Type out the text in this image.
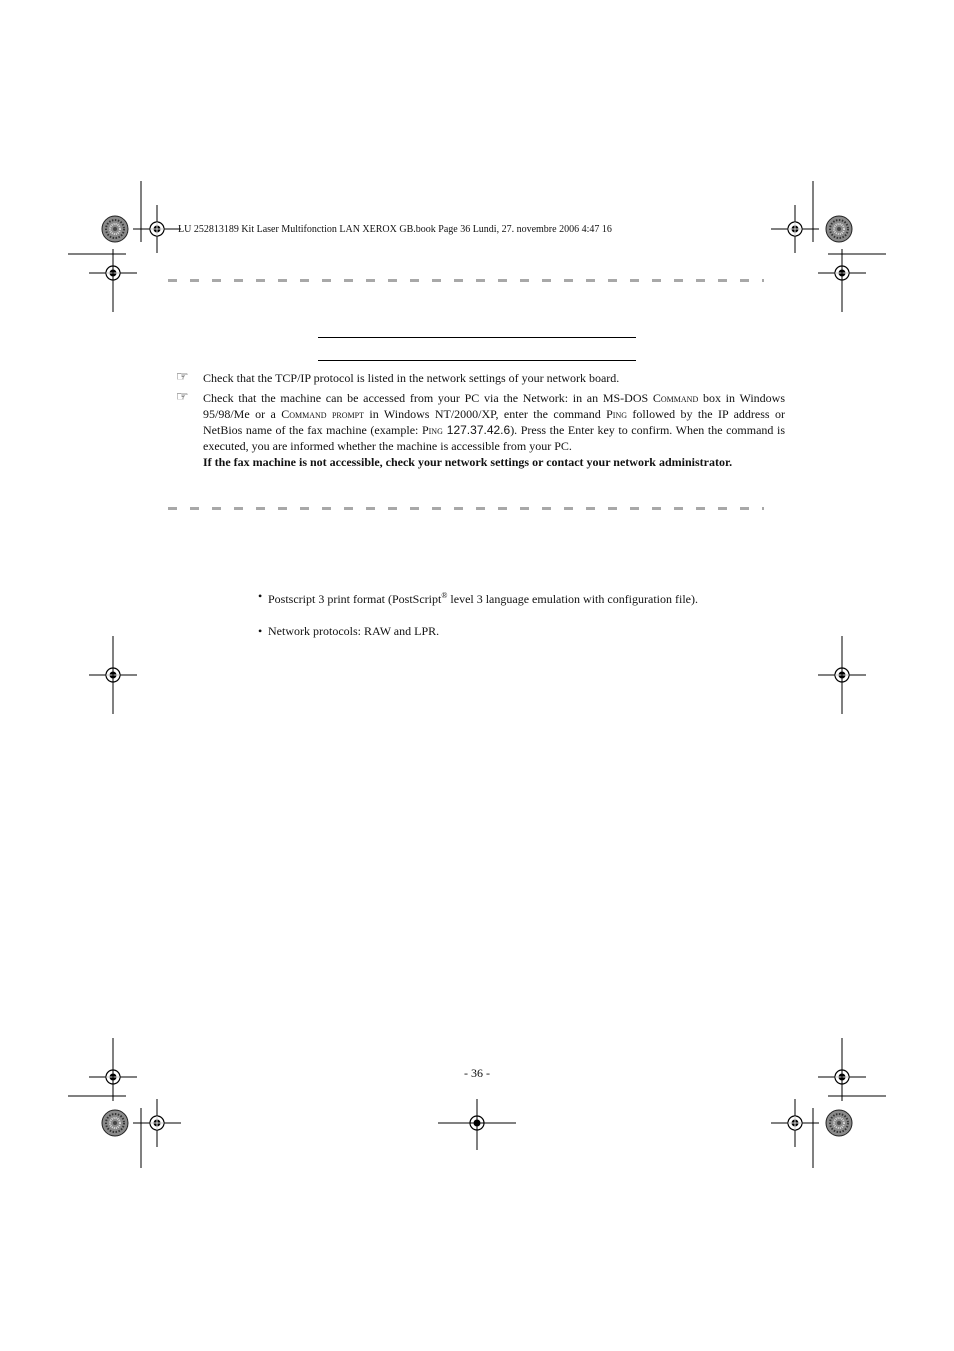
LU 252813189 Kit Laser Multifonction LAN XEROX GB.book Page 36 Lundi, 27. novembre 2006 4:47 16
☞	Check that the TCP/IP protocol is listed in the network settings of your network board.
☞	Check that the machine can be accessed from your PC via the Network: in an MS-DOS Command box in Windows 95/98/Me or a Command prompt in Windows NT/2000/XP, enter the command Ping followed by the IP address or NetBios name of the fax machine (example: Ping 127.37.42.6). Press the Enter key to confirm. When the command is executed, you are informed whether the machine is accessible from your PC.
If the fax machine is not accessible, check your network settings or contact your network administrator.
• Postscript 3 print format (PostScript® level 3 language emulation with configuration file).
• Network protocols: RAW and LPR.
- 36 -
